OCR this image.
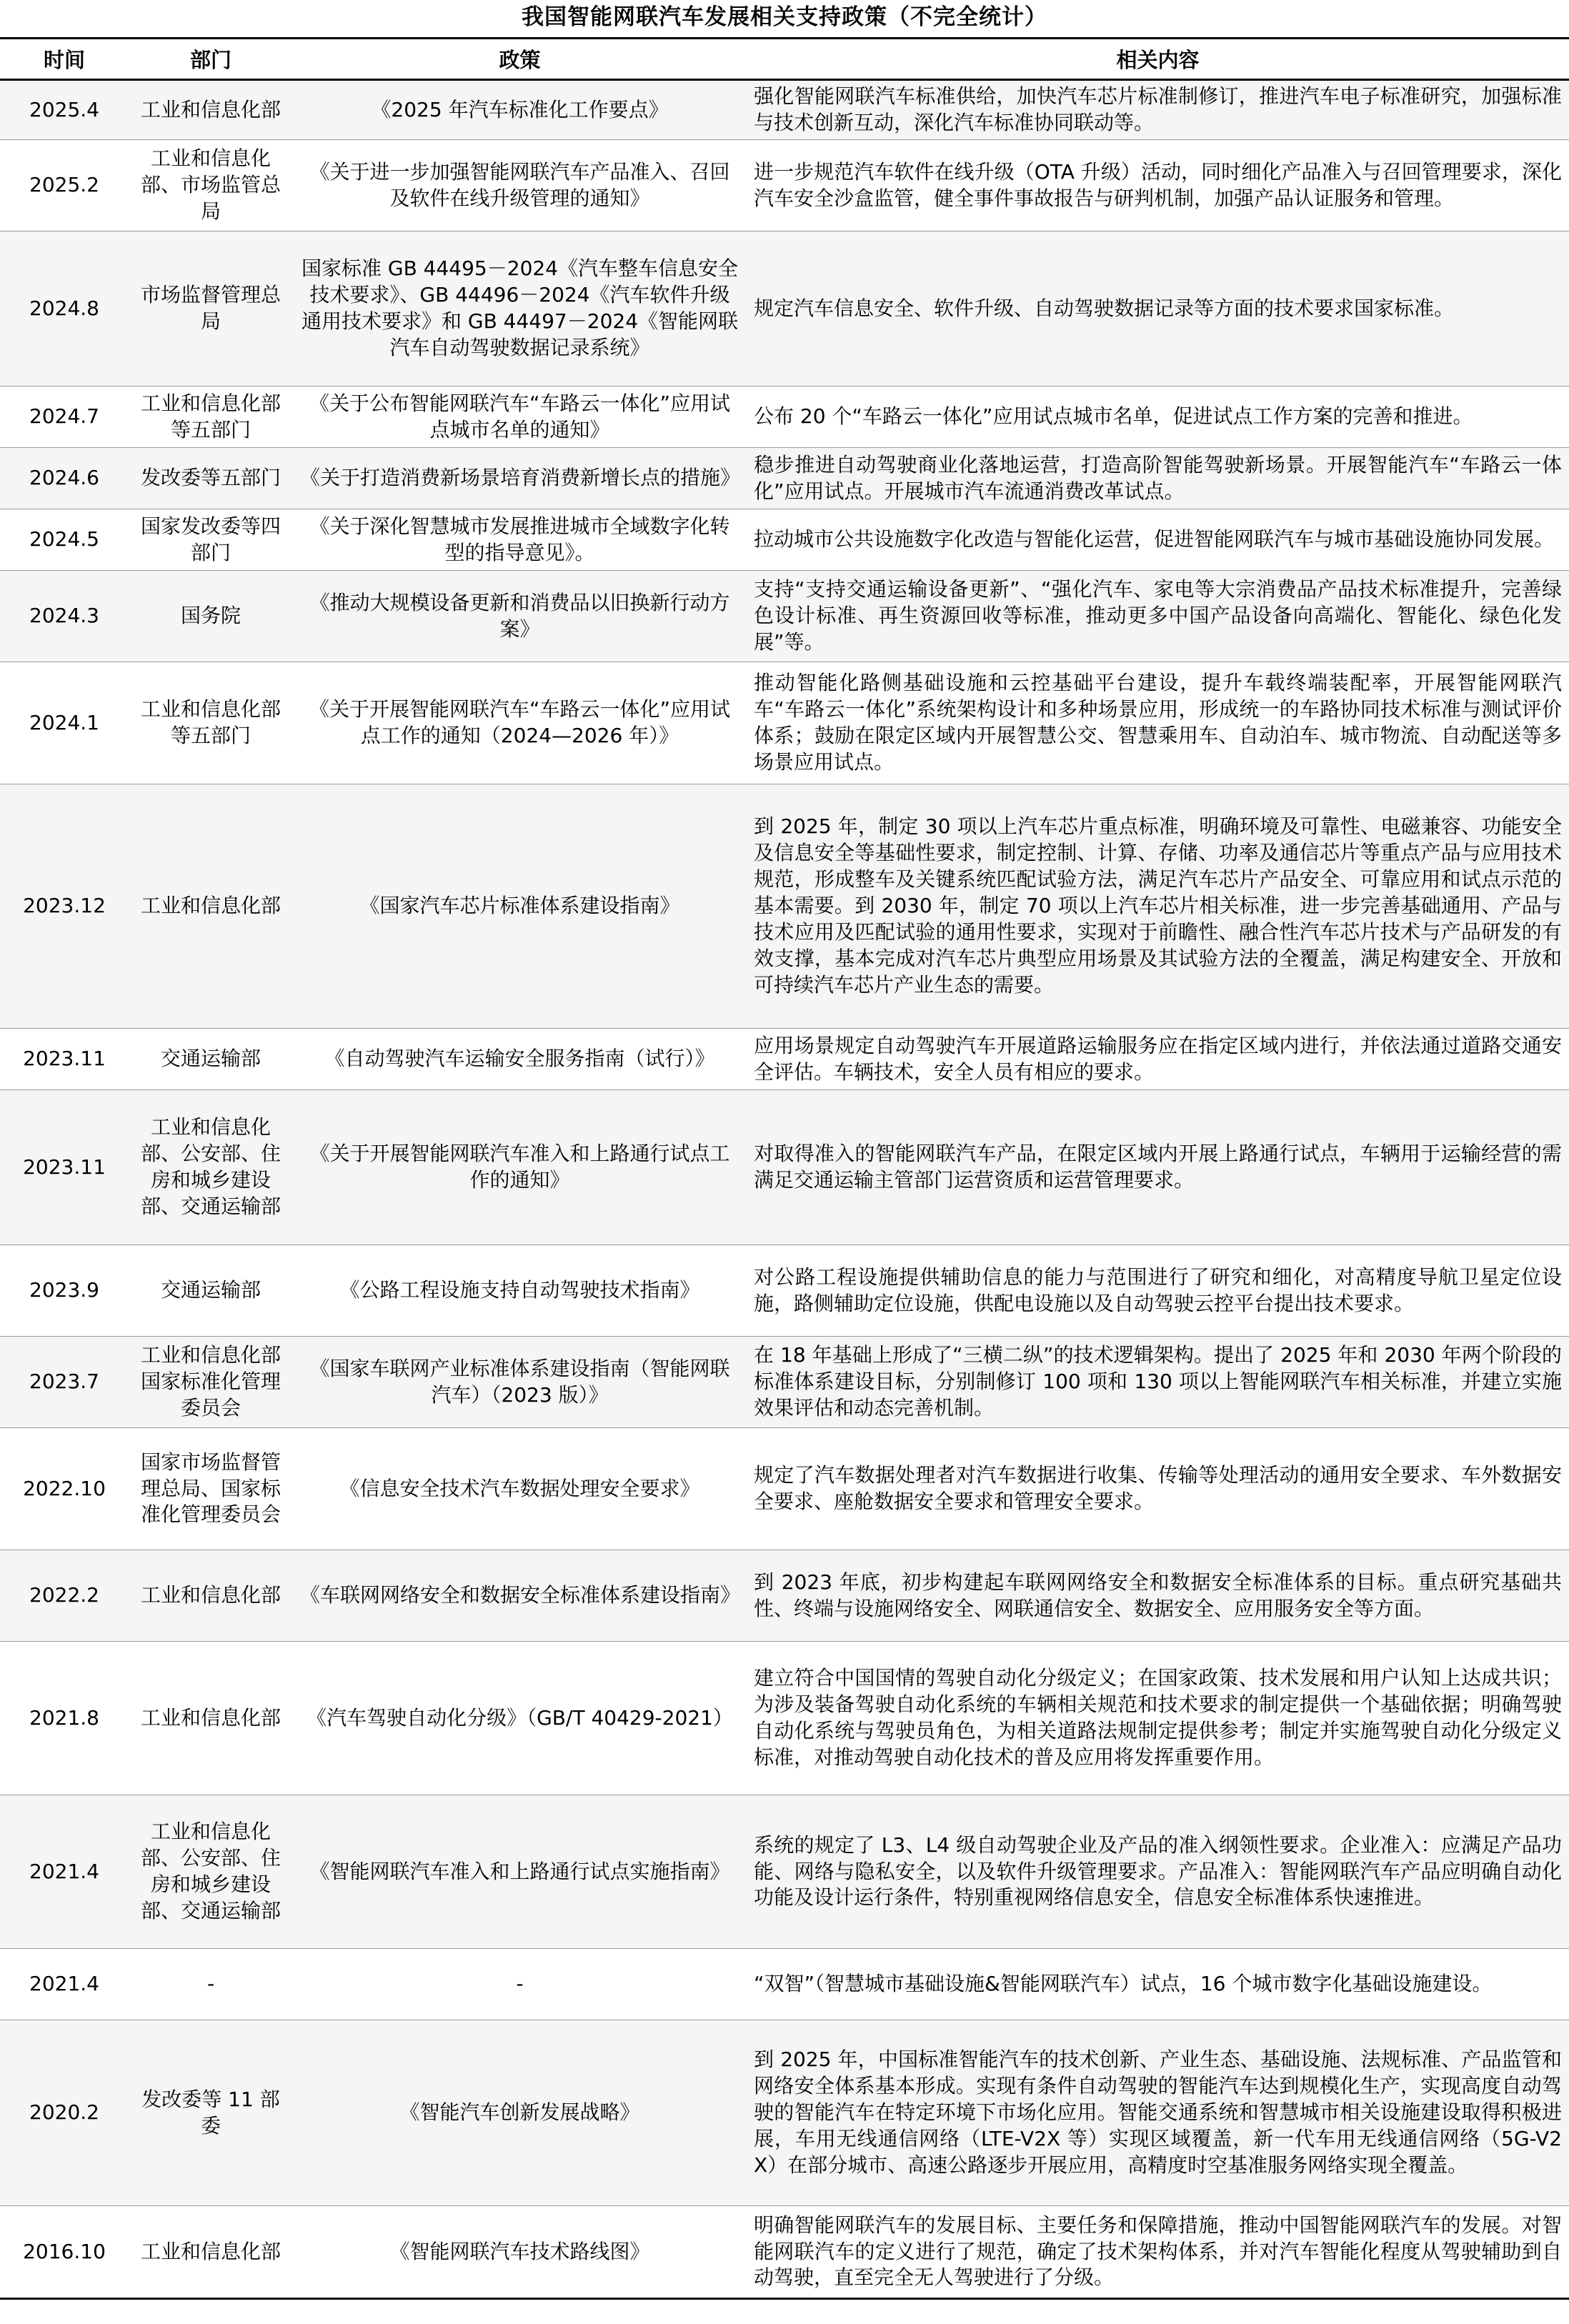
我国智能网联汽车发展相关支持政策（不完全统计）
时间	部门	政策	相关内容
2025.4	工业和信息化部	《2025 年汽车标准化工作要点》	强化智能网联汽车标准供给，加快汽车芯片标准制修订，推进汽车电子标准研究，加强标准与技术创新互动，深化汽车标准协同联动等。
2025.2	工业和信息化部、市场监管总局	《关于进一步加强智能网联汽车产品准入、召回及软件在线升级管理的通知》	进一步规范汽车软件在线升级（OTA 升级）活动，同时细化产品准入与召回管理要求，深化汽车安全沙盒监管，健全事件事故报告与研判机制，加强产品认证服务和管理。
2024.8	市场监督管理总局	国家标准 GB 44495－2024《汽车整车信息安全技术要求》、GB 44496－2024《汽车软件升级通用技术要求》和 GB 44497－2024《智能网联汽车自动驾驶数据记录系统》	规定汽车信息安全、软件升级、自动驾驶数据记录等方面的技术要求国家标准。
2024.7	工业和信息化部等五部门	《关于公布智能网联汽车“车路云一体化”应用试点城市名单的通知》	公布 20 个“车路云一体化”应用试点城市名单，促进试点工作方案的完善和推进。
2024.6	发改委等五部门	《关于打造消费新场景培育消费新增长点的措施》	稳步推进自动驾驶商业化落地运营，打造高阶智能驾驶新场景。开展智能汽车“车路云一体化”应用试点。开展城市汽车流通消费改革试点。
2024.5	国家发改委等四部门	《关于深化智慧城市发展推进城市全域数字化转型的指导意见》。	拉动城市公共设施数字化改造与智能化运营，促进智能网联汽车与城市基础设施协同发展。
2024.3	国务院	《推动大规模设备更新和消费品以旧换新行动方案》	支持“支持交通运输设备更新”、“强化汽车、家电等大宗消费品产品技术标准提升，完善绿色设计标准、再生资源回收等标准，推动更多中国产品设备向高端化、智能化、绿色化发展”等。
2024.1	工业和信息化部等五部门	《关于开展智能网联汽车“车路云一体化”应用试点工作的通知（2024—2026 年）》	推动智能化路侧基础设施和云控基础平台建设，提升车载终端装配率，开展智能网联汽车“车路云一体化”系统架构设计和多种场景应用，形成统一的车路协同技术标准与测试评价体系；鼓励在限定区域内开展智慧公交、智慧乘用车、自动泊车、城市物流、自动配送等多场景应用试点。
2023.12	工业和信息化部	《国家汽车芯片标准体系建设指南》	到 2025 年，制定 30 项以上汽车芯片重点标准，明确环境及可靠性、电磁兼容、功能安全及信息安全等基础性要求，制定控制、计算、存储、功率及通信芯片等重点产品与应用技术规范，形成整车及关键系统匹配试验方法，满足汽车芯片产品安全、可靠应用和试点示范的基本需要。到 2030 年，制定 70 项以上汽车芯片相关标准，进一步完善基础通用、产品与技术应用及匹配试验的通用性要求，实现对于前瞻性、融合性汽车芯片技术与产品研发的有效支撑，基本完成对汽车芯片典型应用场景及其试验方法的全覆盖，满足构建安全、开放和可持续汽车芯片产业生态的需要。
2023.11	交通运输部	《自动驾驶汽车运输安全服务指南（试行）》	应用场景规定自动驾驶汽车开展道路运输服务应在指定区域内进行，并依法通过道路交通安全评估。车辆技术，安全人员有相应的要求。
2023.11	工业和信息化部、公安部、住房和城乡建设部、交通运输部	《关于开展智能网联汽车准入和上路通行试点工作的通知》	对取得准入的智能网联汽车产品，在限定区域内开展上路通行试点，车辆用于运输经营的需满足交通运输主管部门运营资质和运营管理要求。
2023.9	交通运输部	《公路工程设施支持自动驾驶技术指南》	对公路工程设施提供辅助信息的能力与范围进行了研究和细化，对高精度导航卫星定位设施，路侧辅助定位设施，供配电设施以及自动驾驶云控平台提出技术要求。
2023.7	工业和信息化部 国家标准化管理委员会	《国家车联网产业标准体系建设指南（智能网联汽车）（2023 版）》	在 18 年基础上形成了“三横二纵”的技术逻辑架构。提出了 2025 年和 2030 年两个阶段的标准体系建设目标，分别制修订 100 项和 130 项以上智能网联汽车相关标准，并建立实施效果评估和动态完善机制。
2022.10	国家市场监督管理总局、国家标准化管理委员会	《信息安全技术汽车数据处理安全要求》	规定了汽车数据处理者对汽车数据进行收集、传输等处理活动的通用安全要求、车外数据安全要求、座舱数据安全要求和管理安全要求。
2022.2	工业和信息化部	《车联网网络安全和数据安全标准体系建设指南》	到 2023 年底，初步构建起车联网网络安全和数据安全标准体系的目标。重点研究基础共性、终端与设施网络安全、网联通信安全、数据安全、应用服务安全等方面。
2021.8	工业和信息化部	《汽车驾驶自动化分级》（GB/T 40429-2021）	建立符合中国国情的驾驶自动化分级定义；在国家政策、技术发展和用户认知上达成共识；为涉及装备驾驶自动化系统的车辆相关规范和技术要求的制定提供一个基础依据；明确驾驶自动化系统与驾驶员角色，为相关道路法规制定提供参考；制定并实施驾驶自动化分级定义标准，对推动驾驶自动化技术的普及应用将发挥重要作用。
2021.4	工业和信息化部、公安部、住房和城乡建设部、交通运输部	《智能网联汽车准入和上路通行试点实施指南》	系统的规定了 L3、L4 级自动驾驶企业及产品的准入纲领性要求。企业准入：应满足产品功能、网络与隐私安全，以及软件升级管理要求。产品准入：智能网联汽车产品应明确自动化功能及设计运行条件，特别重视网络信息安全，信息安全标准体系快速推进。
2021.4	-	-	“双智”（智慧城市基础设施&智能网联汽车）试点，16 个城市数字化基础设施建设。
2020.2	发改委等 11 部委	《智能汽车创新发展战略》	到 2025 年，中国标准智能汽车的技术创新、产业生态、基础设施、法规标准、产品监管和网络安全体系基本形成。实现有条件自动驾驶的智能汽车达到规模化生产，实现高度自动驾驶的智能汽车在特定环境下市场化应用。智能交通系统和智慧城市相关设施建设取得积极进展，车用无线通信网络（LTE-V2X 等）实现区域覆盖，新一代车用无线通信网络（5G-V2X）在部分城市、高速公路逐步开展应用，高精度时空基准服务网络实现全覆盖。
2016.10	工业和信息化部	《智能网联汽车技术路线图》	明确智能网联汽车的发展目标、主要任务和保障措施，推动中国智能网联汽车的发展。对智能网联汽车的定义进行了规范，确定了技术架构体系，并对汽车智能化程度从驾驶辅助到自动驾驶，直至完全无人驾驶进行了分级。
